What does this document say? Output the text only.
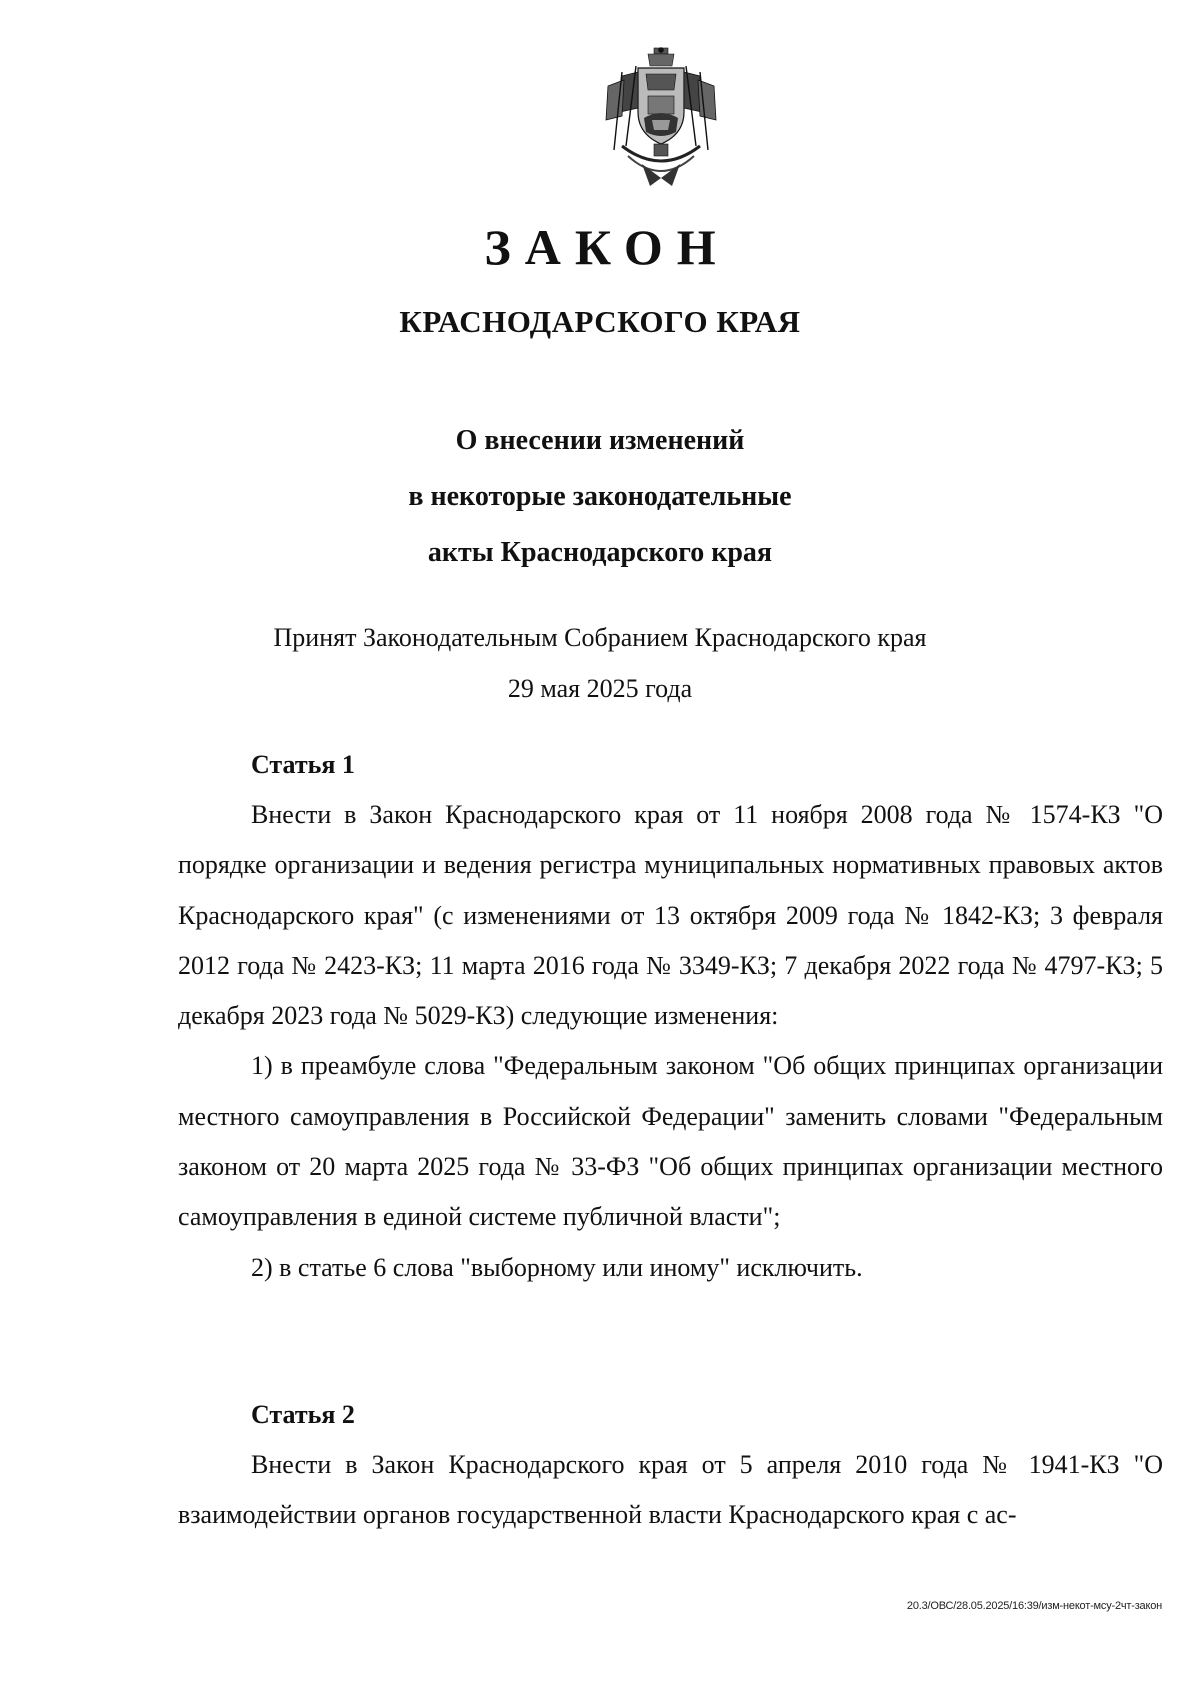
ЗАКОН
КРАСНОДАРСКОГО КРАЯ
О внесении изменений
в некоторые законодательные
акты Краснодарского края
Принят Законодательным Собранием Краснодарского края
29 мая 2025 года
Статья 1

Внести в Закон Краснодарского края от 11 ноября 2008 года № 1574-КЗ "О порядке организации и ведения регистра муниципальных нормативных правовых актов Краснодарского края" (с изменениями от 13 октября 2009 года № 1842-КЗ; 3 февраля 2012 года № 2423-КЗ; 11 марта 2016 года № 3349-КЗ; 7 декабря 2022 года № 4797-КЗ; 5 декабря 2023 года № 5029-КЗ) следующие изменения:

1) в преамбуле слова "Федеральным законом "Об общих принципах организации местного самоуправления в Российской Федерации" заменить словами "Федеральным законом от 20 марта 2025 года № 33-ФЗ "Об общих принципах организации местного самоуправления в единой системе публичной власти";

2) в статье 6 слова "выборному или иному" исключить.

Статья 2

Внести в Закон Краснодарского края от 5 апреля 2010 года № 1941-КЗ "О взаимодействии органов государственной власти Краснодарского края с ас-

20.3/ОВС/28.05.2025/16:39/изм-некот-мсу-2чт-закон
